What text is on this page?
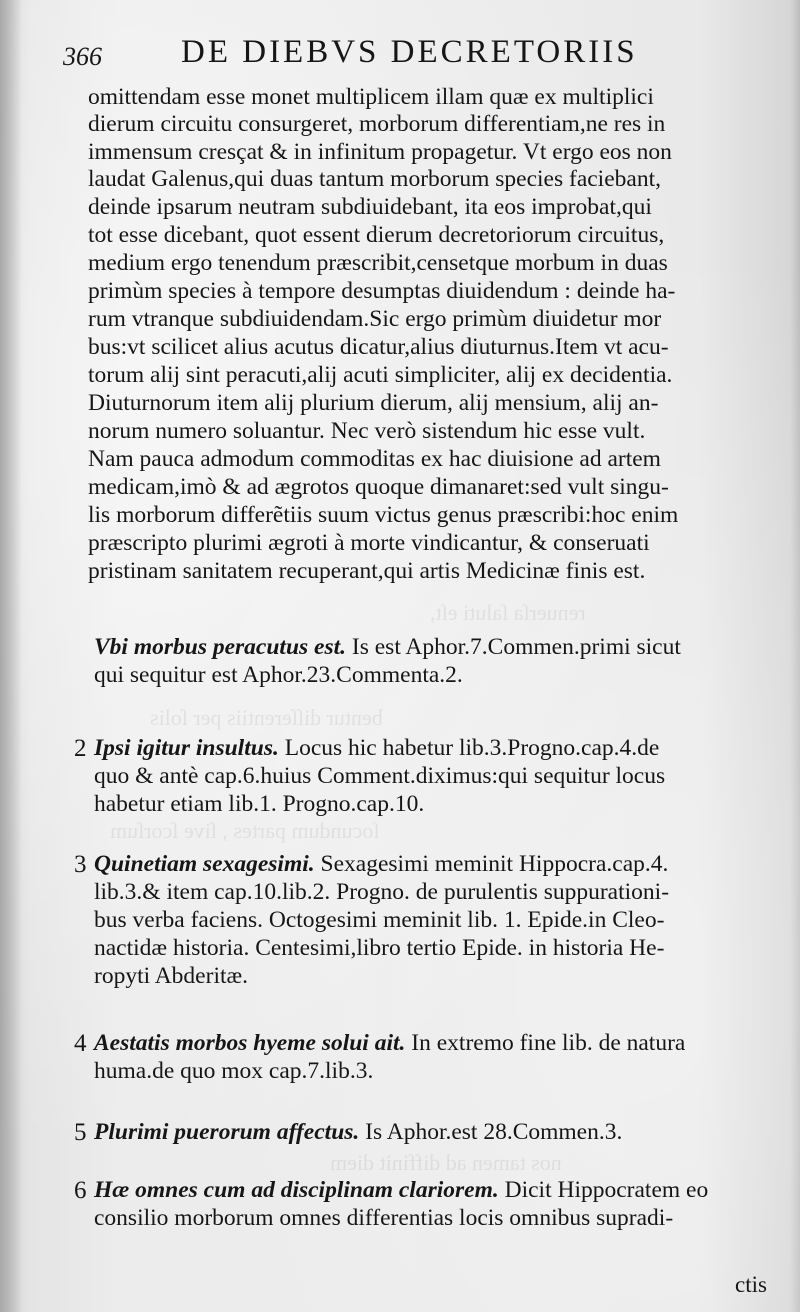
renuerſa ſaluti eſt,
bentur diſſerentiis per ſolis
ſocundum partes , ſive ſcorſum
nos tamen ad diffinit diem
366 DE DIEBVS DECRETORIIS
omittendam esse monet multiplicem illam quæ ex multiplici
dierum circuitu consurgeret, morborum differentiam,ne res in
immensum cresçat & in infinitum propagetur. Vt ergo eos non
laudat Galenus,qui duas tantum morborum species faciebant,
deinde ipsarum neutram subdiuidebant, ita eos improbat,qui
tot esse dicebant, quot essent dierum decretoriorum circuitus,
medium ergo tenendum præscribit,censetque morbum in duas
primùm species à tempore desumptas diuidendum : deinde ha-
rum vtranque subdiuidendam.Sic ergo primùm diuidetur mor
bus:vt scilicet alius acutus dicatur,alius diuturnus.Item vt acu-
torum alij sint peracuti,alij acuti simpliciter, alij ex decidentia.
Diuturnorum item alij plurium dierum, alij mensium, alij an-
norum numero soluantur. Nec verò sistendum hic esse vult.
Nam pauca admodum commoditas ex hac diuisione ad artem
medicam,imò & ad ægrotos quoque dimanaret:sed vult singu-
lis morborum differẽtiis suum victus genus præscribi:hoc enim
præscripto plurimi ægroti à morte vindicantur, & conseruati
pristinam sanitatem recuperant,qui artis Medicinæ finis est.
Vbi morbus peracutus est. Is est Aphor.7.Commen.primi sicut
qui sequitur est Aphor.23.Commenta.2.
2 Ipsi igitur insultus. Locus hic habetur lib.3.Progno.cap.4.de
quo & antè cap.6.huius Comment.diximus:qui sequitur locus
habetur etiam lib.1. Progno.cap.10.
3 Quinetiam sexagesimi. Sexagesimi meminit Hippocra.cap.4.
lib.3.& item cap.10.lib.2. Progno. de purulentis suppurationi-
bus verba faciens. Octogesimi meminit lib. 1. Epide.in Cleo-
nactidæ historia. Centesimi,libro tertio Epide. in historia He-
ropyti Abderitæ.
4 Aestatis morbos hyeme solui ait. In extremo fine lib. de natura
huma.de quo mox cap.7.lib.3.
5 Plurimi puerorum affectus. Is Aphor.est 28.Commen.3.
6 Hæ omnes cum ad disciplinam clariorem. Dicit Hippocratem eo
consilio morborum omnes differentias locis omnibus supradi-
ctis
